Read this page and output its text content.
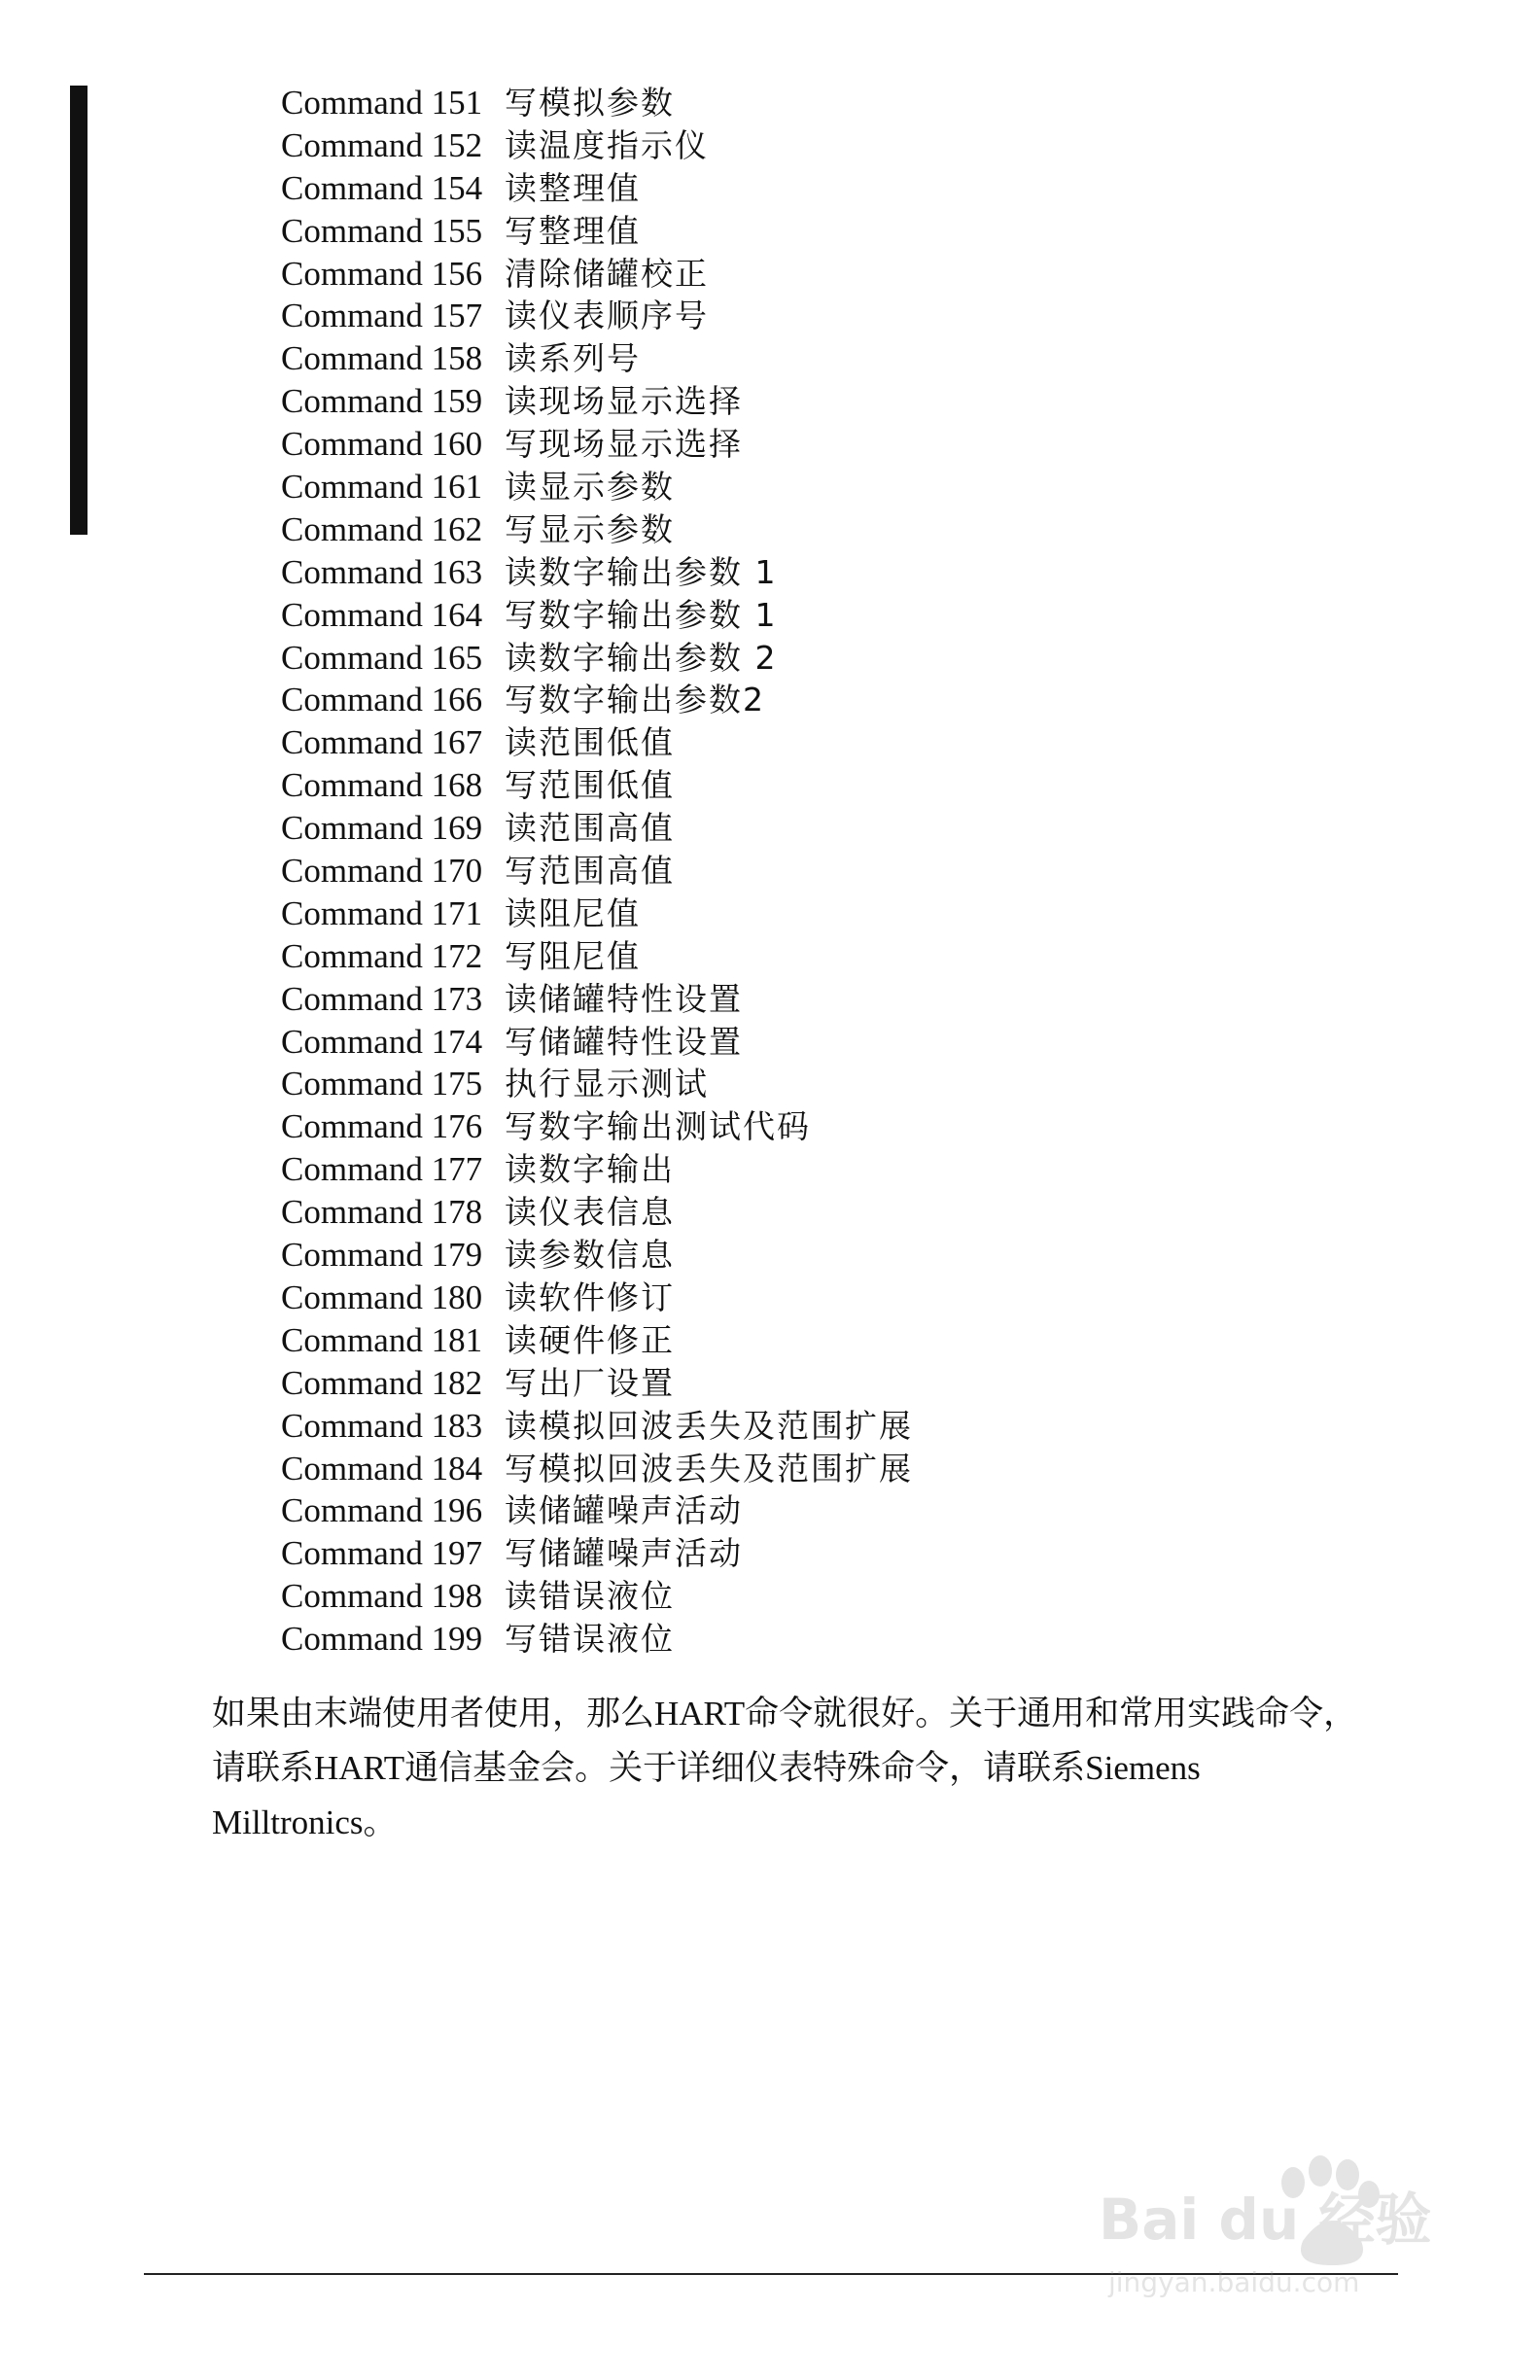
Command 151 写模拟参数
Command 152 读温度指示仪
Command 154 读整理值
Command 155 写整理值
Command 156 清除储罐校正
Command 157 读仪表顺序号
Command 158 读系列号
Command 159 读现场显示选择
Command 160 写现场显示选择
Command 161 读显示参数
Command 162 写显示参数
Command 163 读数字输出参数 1
Command 164 写数字输出参数 1
Command 165 读数字输出参数 2
Command 166 写数字输出参数2
Command 167 读范围低值
Command 168 写范围低值
Command 169 读范围高值
Command 170 写范围高值
Command 171 读阻尼值
Command 172 写阻尼值
Command 173 读储罐特性设置
Command 174 写储罐特性设置
Command 175 执行显示测试
Command 176 写数字输出测试代码
Command 177 读数字输出
Command 178 读仪表信息
Command 179 读参数信息
Command 180 读软件修订
Command 181 读硬件修正
Command 182 写出厂设置
Command 183 读模拟回波丢失及范围扩展
Command 184 写模拟回波丢失及范围扩展
Command 196 读储罐噪声活动
Command 197 写储罐噪声活动
Command 198 读错误液位
Command 199 写错误液位

如果由末端使用者使用，那么HART命令就很好。关于通用和常用实践命令，
请联系HART通信基金会。关于详细仪表特殊命令，请联系Siemens
Milltronics。

Bai du 经验
jingyan.baidu.com
